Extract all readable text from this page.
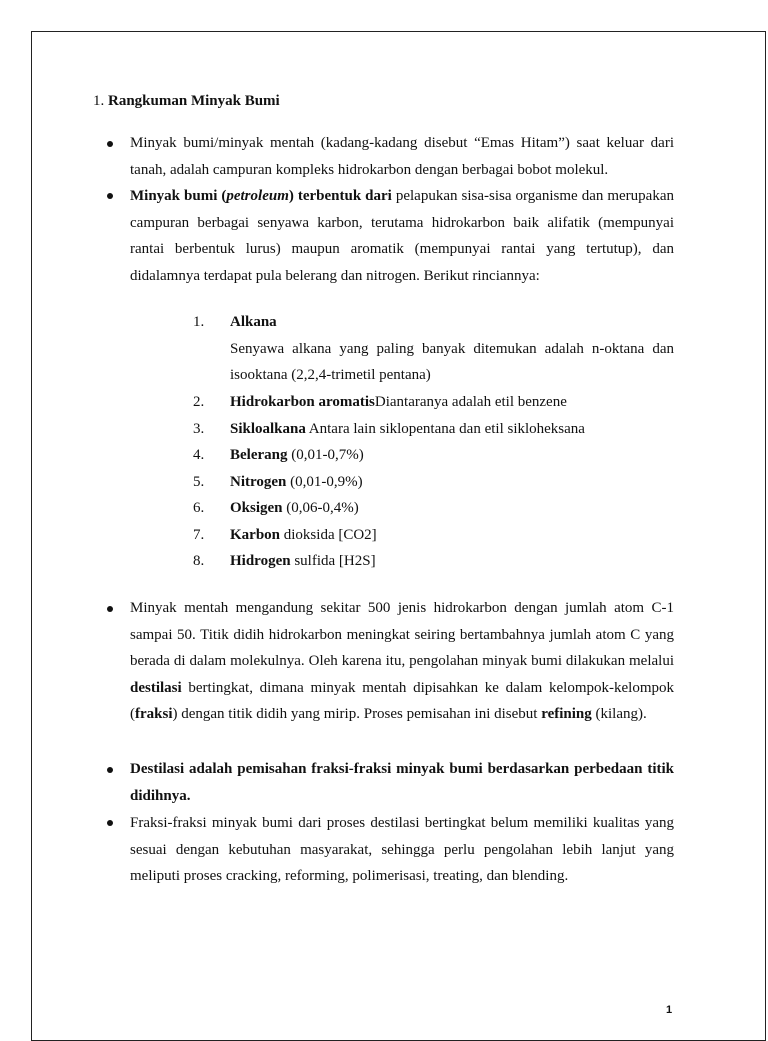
1. Rangkuman Minyak Bumi
Minyak bumi/minyak mentah (kadang-kadang disebut “Emas Hitam”) saat keluar dari tanah, adalah campuran kompleks hidrokarbon dengan berbagai bobot molekul.
Minyak bumi (petroleum) terbentuk dari pelapukan sisa-sisa organisme dan merupakan campuran berbagai senyawa karbon, terutama hidrokarbon baik alifatik (mempunyai rantai berbentuk lurus) maupun aromatik (mempunyai rantai yang tertutup), dan didalamnya terdapat pula belerang dan nitrogen. Berikut rinciannya:
1.	Alkana
Senyawa alkana yang paling banyak ditemukan adalah n-oktana dan isooktana (2,2,4-trimetil pentana)
2.	Hidrokarbon aromatisDiantaranya adalah etil benzene
3.	Sikloalkana Antara lain siklopentana dan etil sikloheksana
4.	Belerang (0,01-0,7%)
5.	Nitrogen (0,01-0,9%)
6.	Oksigen (0,06-0,4%)
7.	Karbon dioksida [CO2]
8.	Hidrogen sulfida [H2S]
Minyak mentah mengandung sekitar 500 jenis hidrokarbon dengan jumlah atom C-1 sampai 50. Titik didih hidrokarbon meningkat seiring bertambahnya jumlah atom C yang berada di dalam molekulnya. Oleh karena itu, pengolahan minyak bumi dilakukan melalui destilasi bertingkat, dimana minyak mentah dipisahkan ke dalam kelompok-kelompok (fraksi) dengan titik didih yang mirip. Proses pemisahan ini disebut refining (kilang).
Destilasi adalah pemisahan fraksi-fraksi minyak bumi berdasarkan perbedaan titik didihnya.
Fraksi-fraksi minyak bumi dari proses destilasi bertingkat belum memiliki kualitas yang sesuai dengan kebutuhan masyarakat, sehingga perlu pengolahan lebih lanjut yang meliputi proses cracking, reforming, polimerisasi, treating, dan blending.
1
